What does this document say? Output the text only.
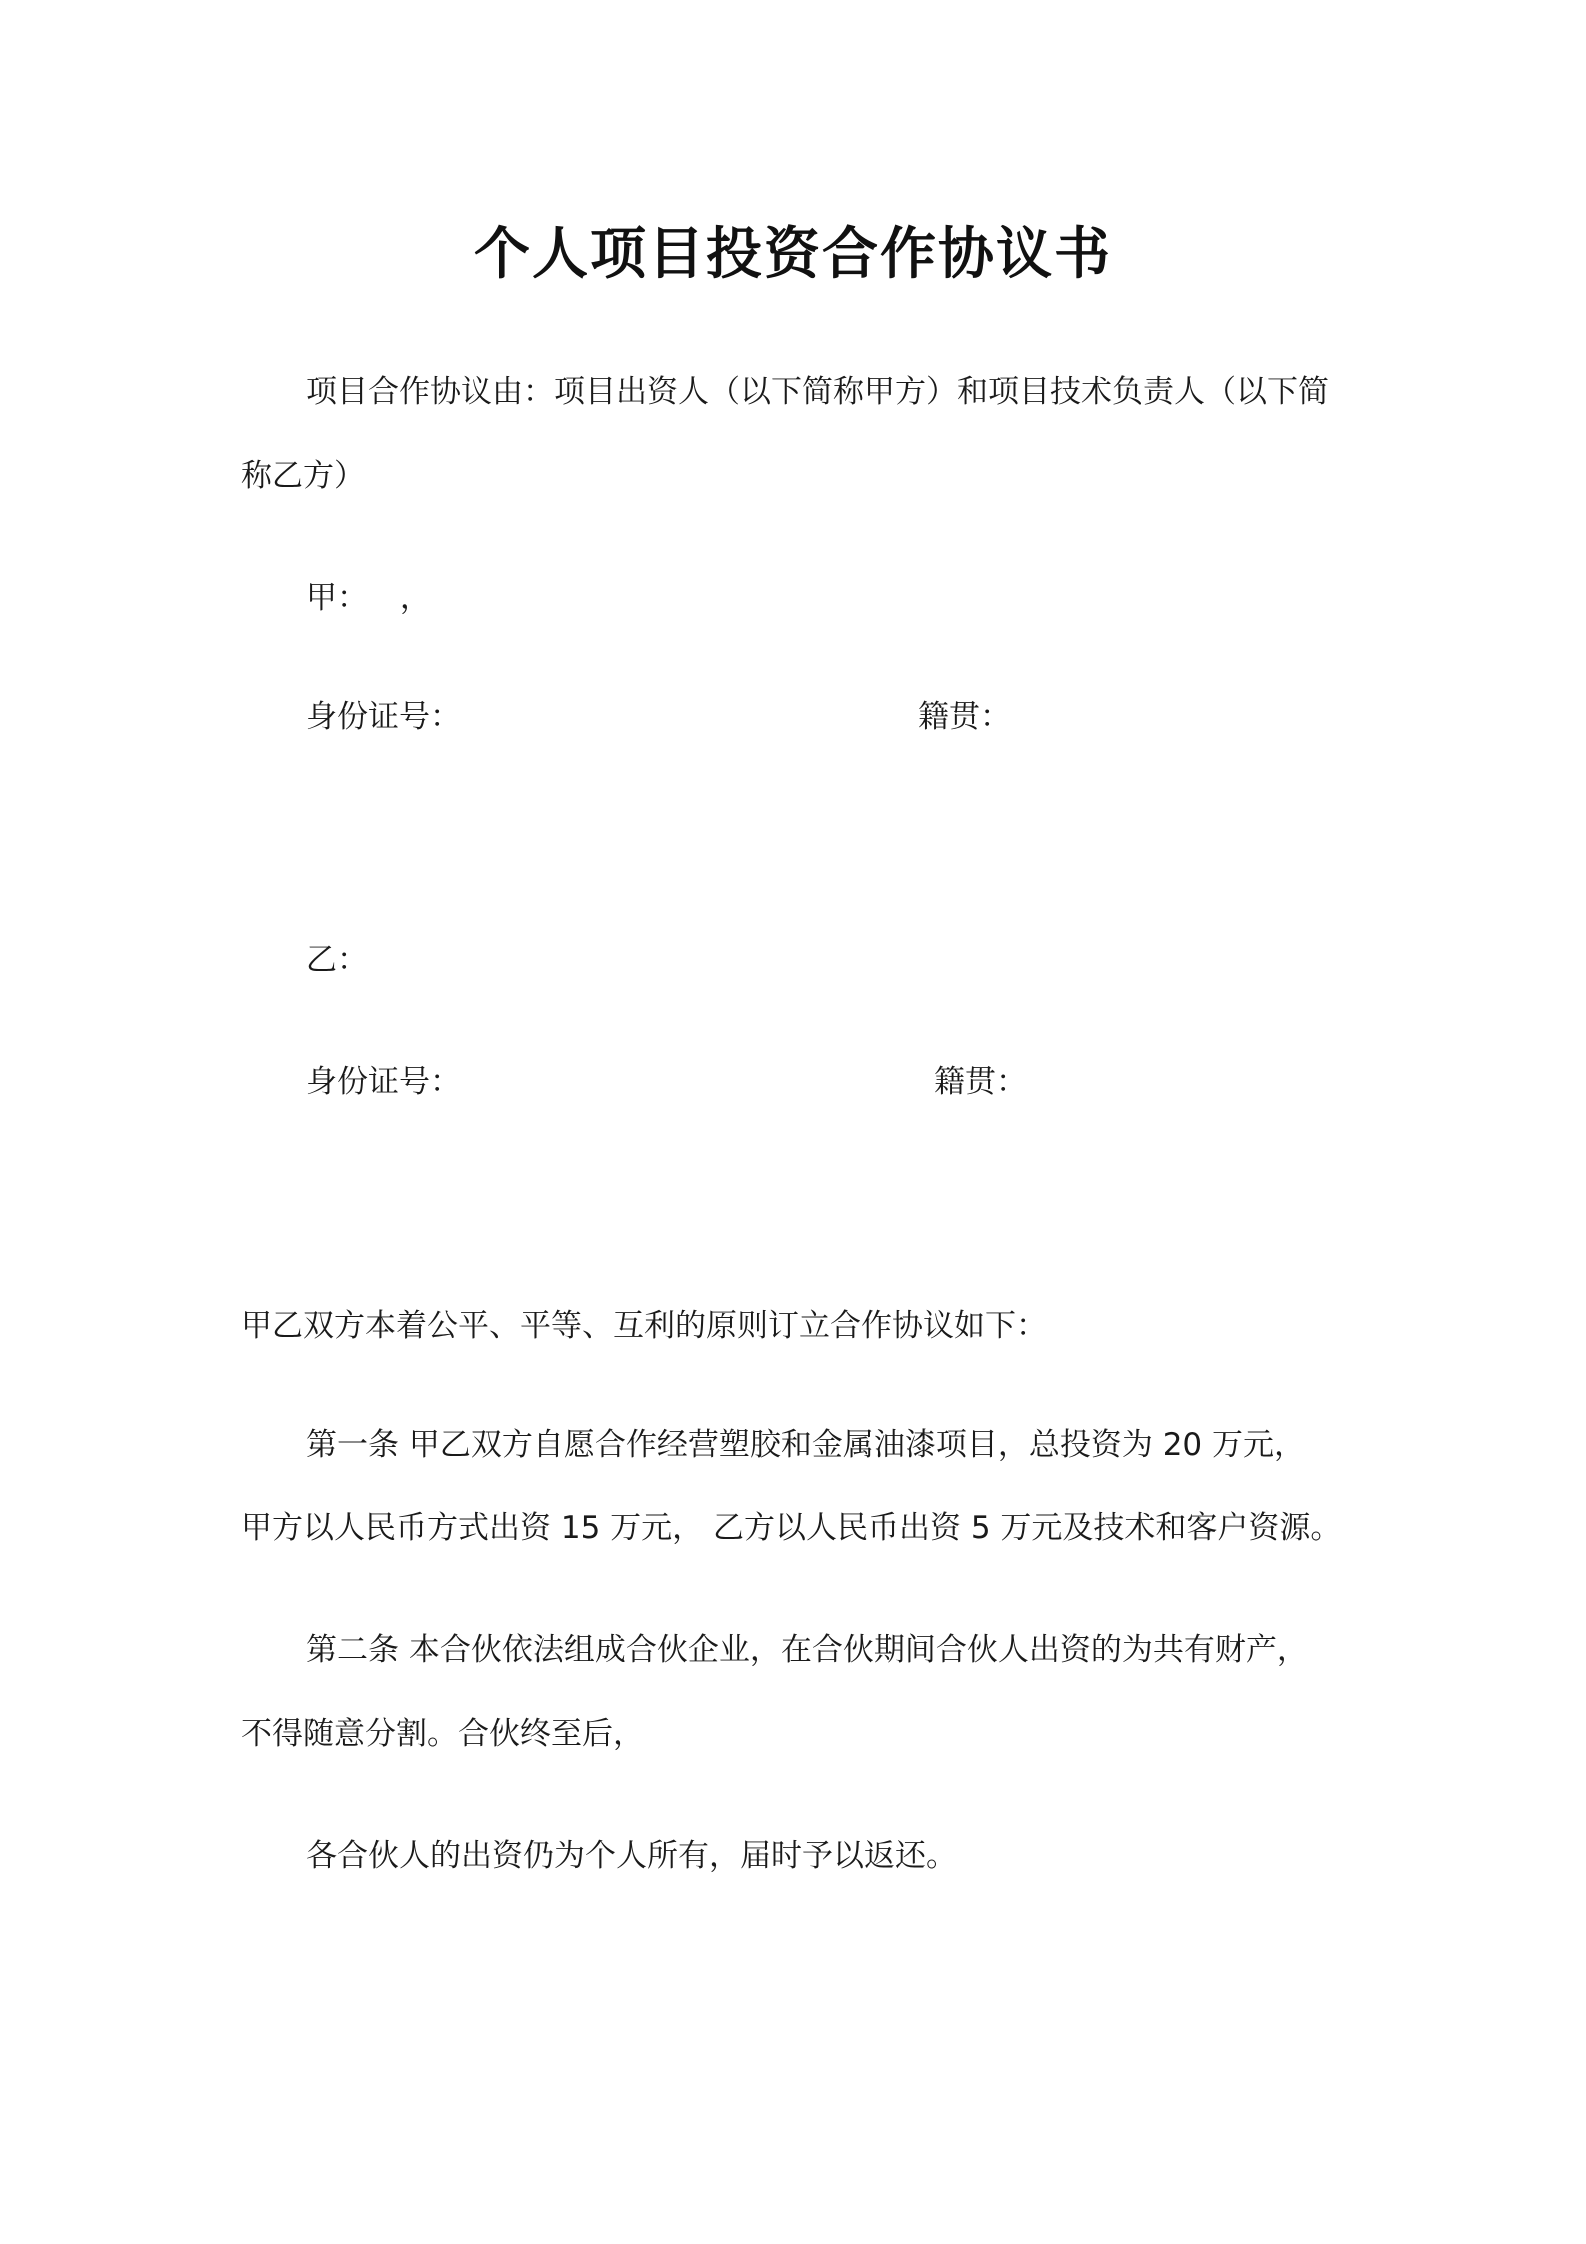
个人项目投资合作协议书
项目合作协议由：项目出资人（以下简称甲方）和项目技术负责人（以下简
称乙方）
甲： ，
身份证号：	籍贯：
乙：
身份证号：	籍贯：
甲乙双方本着公平、平等、互利的原则订立合作协议如下：
第一条 甲乙双方自愿合作经营塑胶和金属油漆项目，总投资为 20 万元，
甲方以人民币方式出资 15 万元， 乙方以人民币出资 5 万元及技术和客户资源。
第二条 本合伙依法组成合伙企业，在合伙期间合伙人出资的为共有财产，
不得随意分割。合伙终至后，
各合伙人的出资仍为个人所有，届时予以返还。
